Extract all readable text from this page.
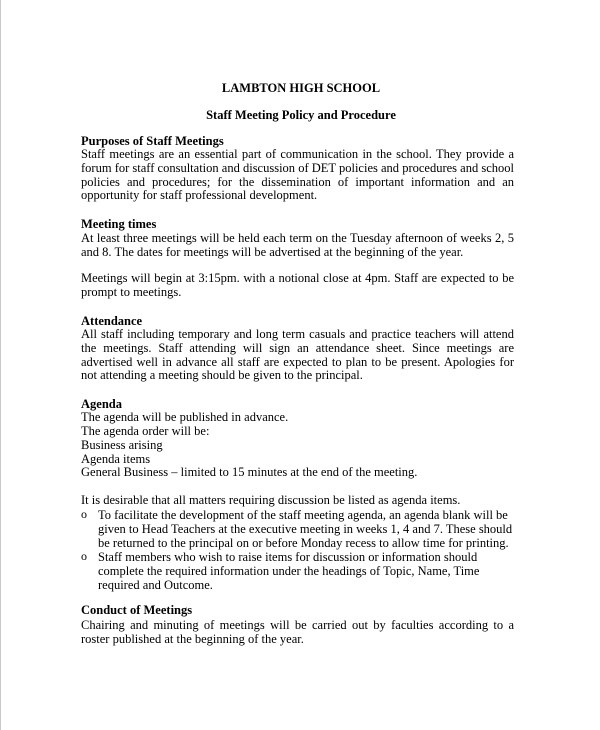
LAMBTON HIGH SCHOOL
Staff Meeting Policy and Procedure
Purposes of Staff Meetings

Staff meetings are an essential part of communication in the school. They provide a forum for staff consultation and discussion of DET policies and procedures and school policies and procedures; for the dissemination of important information and an opportunity for staff professional development.

Meeting times

At least three meetings will be held each term on the Tuesday afternoon of weeks 2, 5 and 8. The dates for meetings will be advertised at the beginning of the year.

Meetings will begin at 3:15pm. with a notional close at 4pm. Staff are expected to be prompt to meetings.

Attendance

All staff including temporary and long term casuals and practice teachers will attend the meetings. Staff attending will sign an attendance sheet. Since meetings are advertised well in advance all staff are expected to plan to be present. Apologies for not attending a meeting should be given to the principal.

Agenda
The agenda will be published in advance.
The agenda order will be:
Business arising
Agenda items
General Business – limited to 15 minutes at the end of the meeting.
It is desirable that all matters requiring discussion be listed as agenda items.
o To facilitate the development of the staff meeting agenda, an agenda blank will be given to Head Teachers at the executive meeting in weeks 1, 4 and 7. These should be returned to the principal on or before Monday recess to allow time for printing.

o Staff members who wish to raise items for discussion or information should complete the required information under the headings of Topic, Name, Time required and Outcome.

Conduct of Meetings

Chairing and minuting of meetings will be carried out by faculties according to a roster published at the beginning of the year.
